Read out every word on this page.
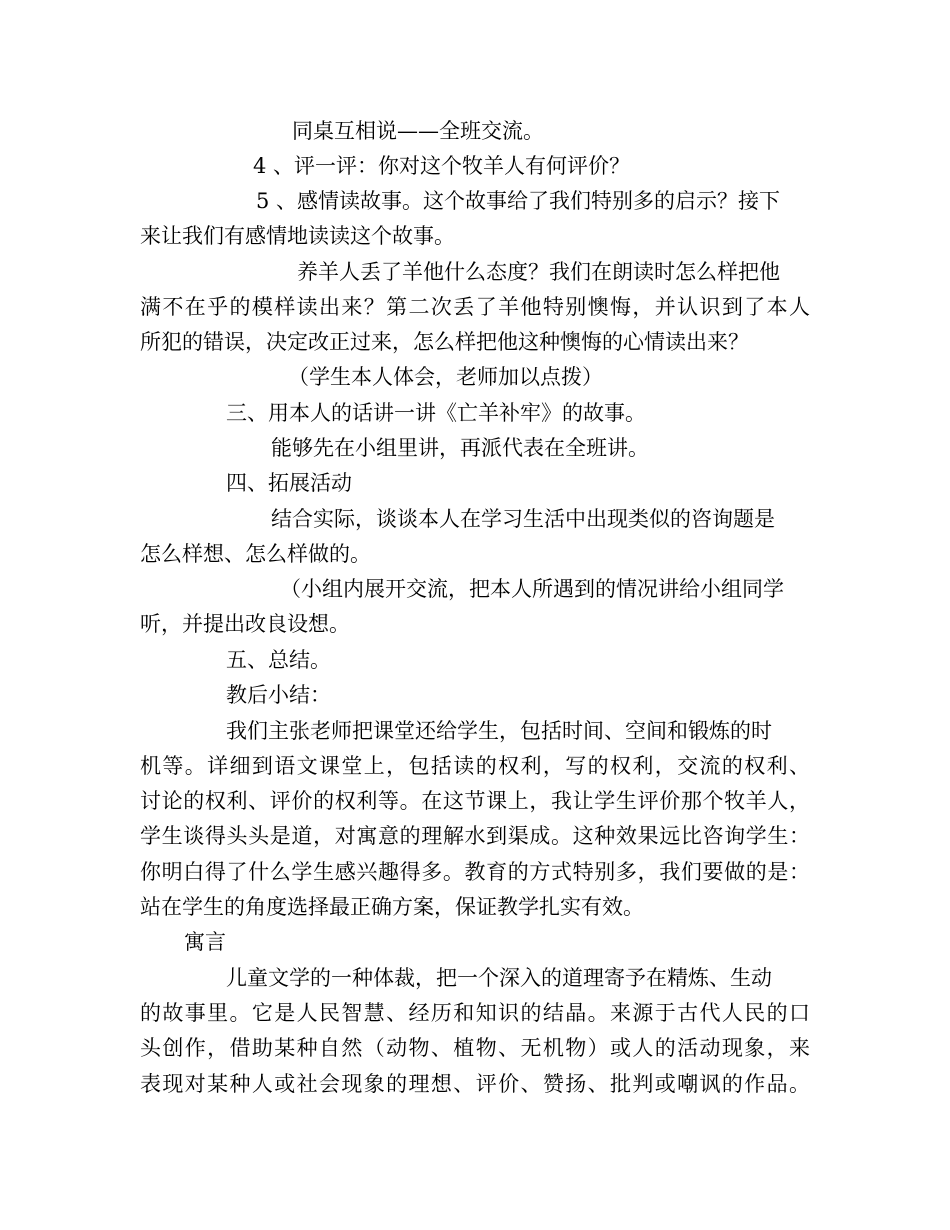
同桌互相说——全班交流。

4 、评一评：你对这个牧羊人有何评价？

5 、感情读故事。这个故事给了我们特别多的启示？接下

来让我们有感情地读读这个故事。

养羊人丢了羊他什么态度？我们在朗读时怎么样把他

满不在乎的模样读出来？第二次丢了羊他特别懊悔，并认识到了本人

所犯的错误，决定改正过来，怎么样把他这种懊悔的心情读出来？

（学生本人体会，老师加以点拨）

三、用本人的话讲一讲《亡羊补牢》的故事。

能够先在小组里讲，再派代表在全班讲。

四、拓展活动

结合实际，谈谈本人在学习生活中出现类似的咨询题是

怎么样想、怎么样做的。

（小组内展开交流，把本人所遇到的情况讲给小组同学

听，并提出改良设想。

五、总结。

教后小结：

我们主张老师把课堂还给学生，包括时间、空间和锻炼的时

机等。详细到语文课堂上，包括读的权利，写的权利，交流的权利、

讨论的权利、评价的权利等。在这节课上，我让学生评价那个牧羊人，

学生谈得头头是道，对寓意的理解水到渠成。这种效果远比咨询学生：

你明白得了什么学生感兴趣得多。教育的方式特别多，我们要做的是：

站在学生的角度选择最正确方案，保证教学扎实有效。

寓言

儿童文学的一种体裁，把一个深入的道理寄予在精炼、生动

的故事里。它是人民智慧、经历和知识的结晶。来源于古代人民的口

头创作，借助某种自然（动物、植物、无机物）或人的活动现象，来

表现对某种人或社会现象的理想、评价、赞扬、批判或嘲讽的作品。
